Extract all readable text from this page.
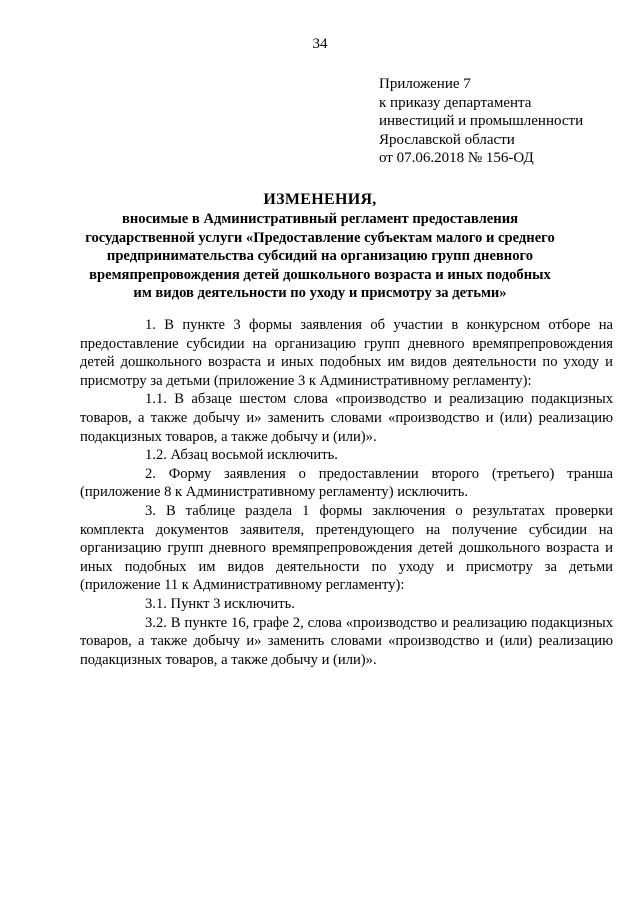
34
Приложение 7
к приказу департамента
инвестиций и промышленности
Ярославской области
от 07.06.2018 № 156-ОД
ИЗМЕНЕНИЯ,
вносимые в Административный регламент предоставления
государственной услуги «Предоставление субъектам малого и среднего
предпринимательства субсидий на организацию групп дневного
времяпрепровождения детей дошкольного возраста и иных подобных
им видов деятельности по уходу и присмотру за детьми»

1. В пункте 3 формы заявления об участии в конкурсном отборе на предоставление субсидии на организацию групп дневного времяпрепровождения детей дошкольного возраста и иных подобных им видов деятельности по уходу и присмотру за детьми (приложение 3 к Административному регламенту):

1.1. В абзаце шестом слова «производство и реализацию подакцизных товаров, а также добычу и» заменить словами «производство и (или) реализацию подакцизных товаров, а также добычу и (или)».

1.2. Абзац восьмой исключить.

2. Форму заявления о предоставлении второго (третьего) транша (приложение 8 к Административному регламенту) исключить.

3. В таблице раздела 1 формы заключения о результатах проверки комплекта документов заявителя, претендующего на получение субсидии на организацию групп дневного времяпрепровождения детей дошкольного возраста и иных подобных им видов деятельности по уходу и присмотру за детьми (приложение 11 к Административному регламенту):

3.1. Пункт 3 исключить.

3.2. В пункте 16, графе 2, слова «производство и реализацию подакцизных товаров, а также добычу и» заменить словами «производство и (или) реализацию подакцизных товаров, а также добычу и (или)».
